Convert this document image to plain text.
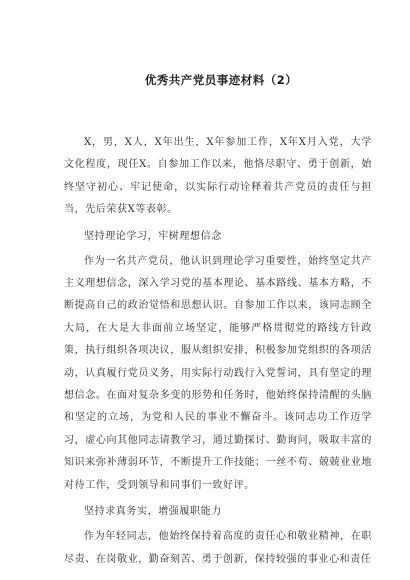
优秀共产党员事迹材料（2）

X，男，X人，X年出生，X年参加工作，X年X月入党，大学文化程度，现任X。自参加工作以来，他恪尽职守、勇于创新，始终坚守初心、牢记使命，以实际行动诠释着共产党员的责任与担当，先后荣获X等表彰。

坚持理论学习，牢树理想信念

作为一名共产党员，他认识到理论学习重要性，始终坚定共产主义理想信念，深入学习党的基本理论、基本路线、基本方略，不断提高自己的政治觉悟和思想认识。自参加工作以来，该同志顾全大局，在大是大非面前立场坚定，能够严格贯彻党的路线方针政策，执行组织各项决议，服从组织安排，积极参加党组织的各项活动，认真履行党员义务，用实际行动践行入党誓词，具有坚定的理想信念。在面对复杂多变的形势和任务时，他始终保持清醒的头脑和坚定的立场，为党和人民的事业不懈奋斗。该同志功工作迈学习，虚心向其他同志请教学习，通过勤探讨、勤询问，吸取丰富的知识来弥补薄弱环节，不断提升工作技能；一丝不苟、兢兢业业地对待工作，受到领导和同事们一致好评。

坚持求真务实，增强履职能力

作为年轻同志，他始终保持着高度的责任心和敬业精神，在职尽责、在岗敬业，勤奋刻苦、勇于创新，保持较强的事业心和责任
